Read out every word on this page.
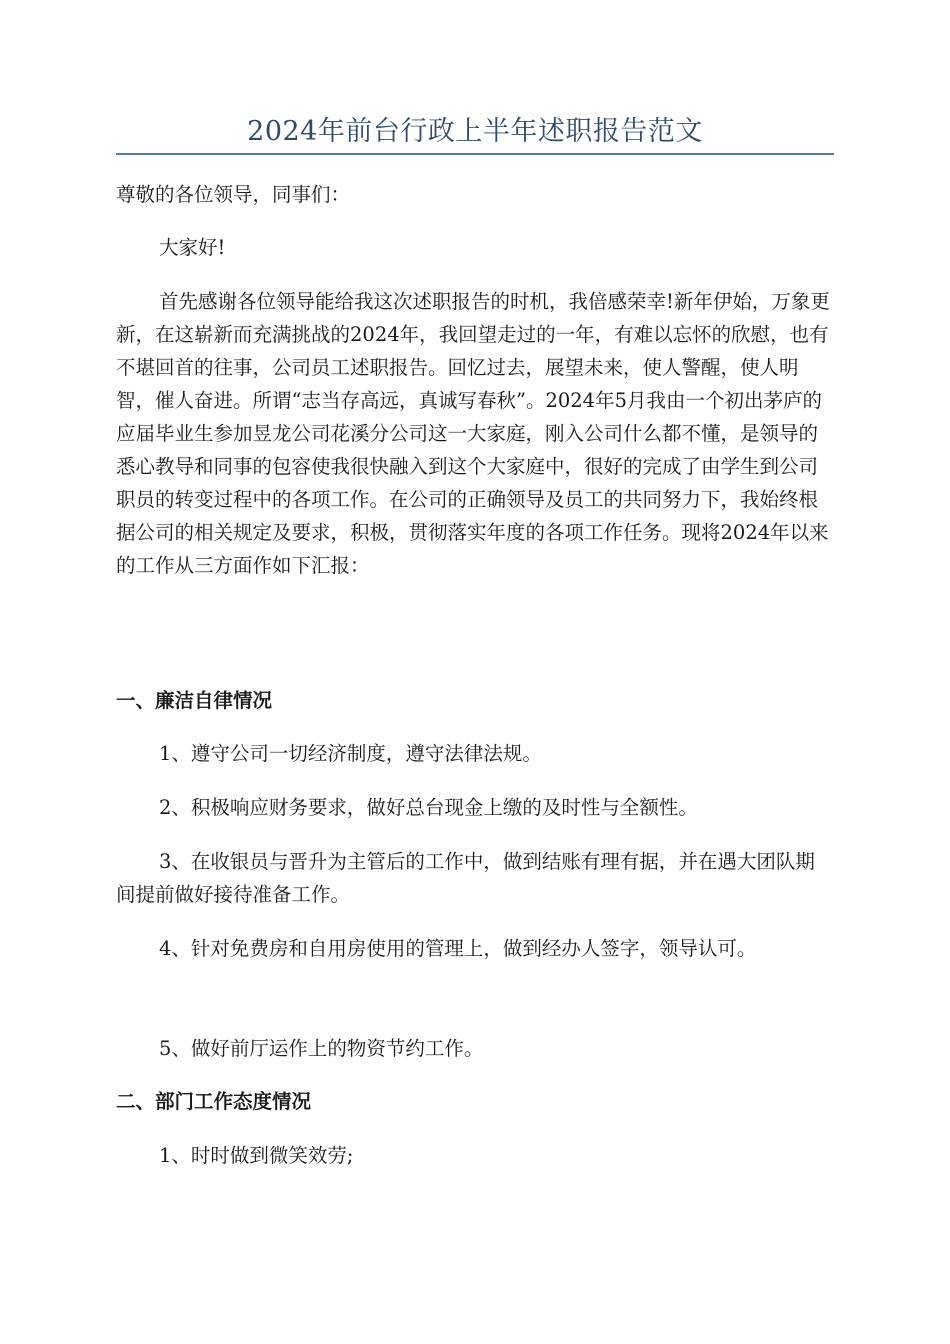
2024年前台行政上半年述职报告范文

尊敬的各位领导，同事们：

大家好!

首先感谢各位领导能给我这次述职报告的时机，我倍感荣幸!新年伊始，万象更新，在这崭新而充满挑战的2024年，我回望走过的一年，有难以忘怀的欣慰，也有不堪回首的往事，公司员工述职报告。回忆过去，展望未来，使人警醒，使人明智，催人奋进。所谓“志当存高远，真诚写春秋”。2024年5月我由一个初出茅庐的应届毕业生参加昱龙公司花溪分公司这一大家庭，刚入公司什么都不懂，是领导的悉心教导和同事的包容使我很快融入到这个大家庭中，很好的完成了由学生到公司职员的转变过程中的各项工作。在公司的正确领导及员工的共同努力下，我始终根据公司的相关规定及要求，积极，贯彻落实年度的各项工作任务。现将2024年以来的工作从三方面作如下汇报：

一、廉洁自律情况

1、遵守公司一切经济制度，遵守法律法规。

2、积极响应财务要求，做好总台现金上缴的及时性与全额性。

3、在收银员与晋升为主管后的工作中，做到结账有理有据，并在遇大团队期间提前做好接待准备工作。

4、针对免费房和自用房使用的管理上，做到经办人签字，领导认可。

5、做好前厅运作上的物资节约工作。

二、部门工作态度情况

1、时时做到微笑效劳;
